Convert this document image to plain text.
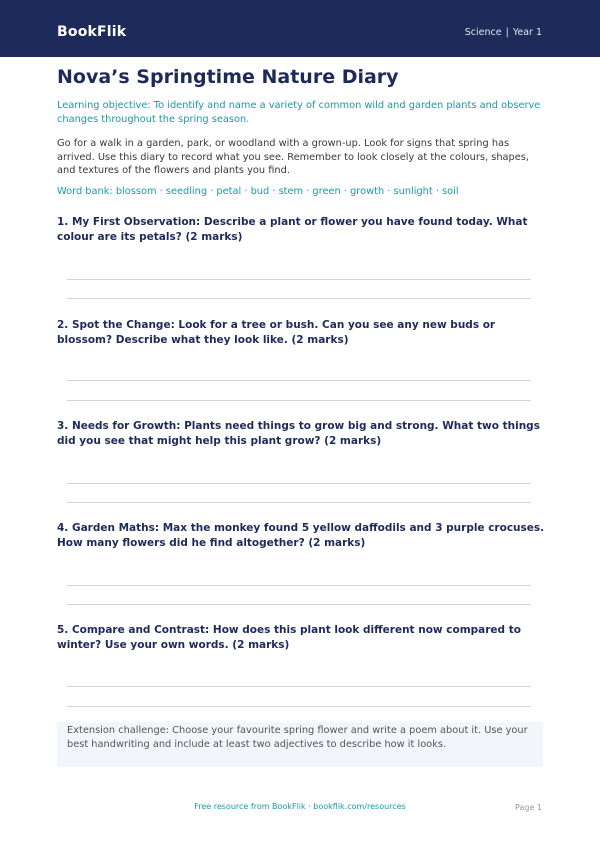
BookFlik	Science | Year 1
Nova’s Springtime Nature Diary
Learning objective: To identify and name a variety of common wild and garden plants and observe changes throughout the spring season.
Go for a walk in a garden, park, or woodland with a grown-up. Look for signs that spring has arrived. Use this diary to record what you see. Remember to look closely at the colours, shapes, and textures of the flowers and plants you find.
Word bank: blossom · seedling · petal · bud · stem · green · growth · sunlight · soil
1. My First Observation: Describe a plant or flower you have found today. What colour are its petals? (2 marks)
2. Spot the Change: Look for a tree or bush. Can you see any new buds or blossom? Describe what they look like. (2 marks)
3. Needs for Growth: Plants need things to grow big and strong. What two things did you see that might help this plant grow? (2 marks)
4. Garden Maths: Max the monkey found 5 yellow daffodils and 3 purple crocuses. How many flowers did he find altogether? (2 marks)
5. Compare and Contrast: How does this plant look different now compared to winter? Use your own words. (2 marks)
Extension challenge: Choose your favourite spring flower and write a poem about it. Use your best handwriting and include at least two adjectives to describe how it looks.
Free resource from BookFlik · bookflik.com/resources	Page 1
